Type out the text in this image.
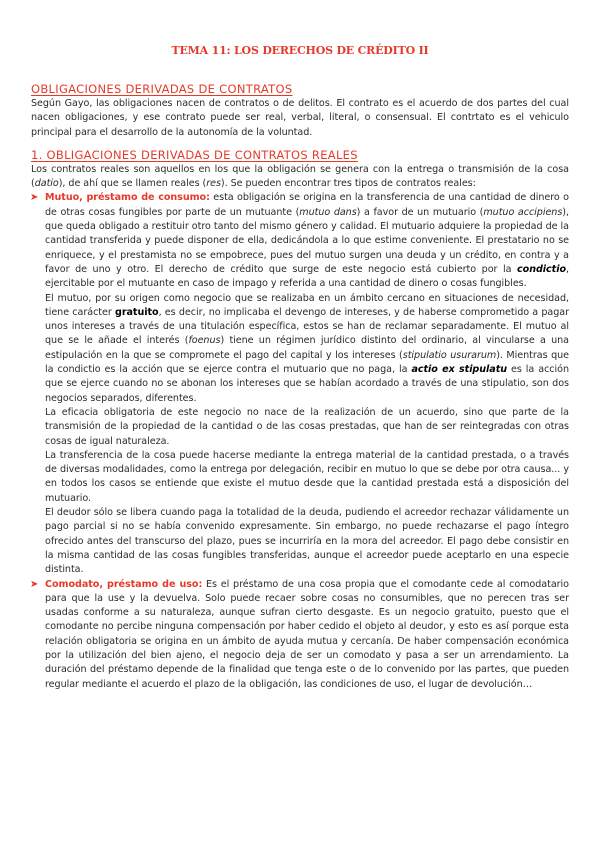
TEMA 11: LOS DERECHOS DE CRÉDITO II
OBLIGACIONES DERIVADAS DE CONTRATOS

Según Gayo, las obligaciones nacen de contratos o de delitos. El contrato es el acuerdo de dos partes del cual nacen obligaciones, y ese contrato puede ser real, verbal, literal, o consensual. El contrtato es el vehiculo principal para el desarrollo de la autonomía de la voluntad.

1. OBLIGACIONES DERIVADAS DE CONTRATOS REALES

Los contratos reales son aquellos en los que la obligación se genera con la entrega o transmisión de la cosa (datio), de ahí que se llamen reales (res). Se pueden encontrar tres tipos de contratos reales:

➤ Mutuo, préstamo de consumo: esta obligación se origina en la transferencia de una cantidad de dinero o de otras cosas fungibles por parte de un mutuante (mutuo dans) a favor de un mutuario (mutuo accipiens), que queda obligado a restituir otro tanto del mismo género y calidad. El mutuario adquiere la propiedad de la cantidad transferida y puede disponer de ella, dedicándola a lo que estime conveniente. El prestatario no se enriquece, y el prestamista no se empobrece, pues del mutuo surgen una deuda y un crédito, en contra y a favor de uno y otro. El derecho de crédito que surge de este negocio está cubierto por la condictio, ejercitable por el mutuante en caso de impago y referida a una cantidad de dinero o cosas fungibles.

El mutuo, por su origen como negocio que se realizaba en un ámbito cercano en situaciones de necesidad, tiene carácter gratuito, es decir, no implicaba el devengo de intereses, y de haberse comprometido a pagar unos intereses a través de una titulación específica, estos se han de reclamar separadamente. El mutuo al que se le añade el interés (foenus) tiene un régimen jurídico distinto del ordinario, al vincularse a una estipulación en la que se compromete el pago del capital y los intereses (stipulatio usurarum). Mientras que la condictio es la acción que se ejerce contra el mutuario que no paga, la actio ex stipulatu es la acción que se ejerce cuando no se abonan los intereses que se habían acordado a través de una stipulatio, son dos negocios separados, diferentes.

La eficacia obligatoria de este negocio no nace de la realización de un acuerdo, sino que parte de la transmisión de la propiedad de la cantidad o de las cosas prestadas, que han de ser reintegradas con otras cosas de igual naturaleza.

La transferencia de la cosa puede hacerse mediante la entrega material de la cantidad prestada, o a través de diversas modalidades, como la entrega por delegación, recibir en mutuo lo que se debe por otra causa... y en todos los casos se entiende que existe el mutuo desde que la cantidad prestada está a disposición del mutuario.

El deudor sólo se libera cuando paga la totalidad de la deuda, pudiendo el acreedor rechazar válidamente un pago parcial si no se había convenido expresamente. Sin embargo, no puede rechazarse el pago íntegro ofrecido antes del transcurso del plazo, pues se incurriría en la mora del acreedor. El pago debe consistir en la misma cantidad de las cosas fungibles transferidas, aunque el acreedor puede aceptarlo en una especie distinta.

➤ Comodato, préstamo de uso: Es el préstamo de una cosa propia que el comodante cede al comodatario para que la use y la devuelva. Solo puede recaer sobre cosas no consumibles, que no perecen tras ser usadas conforme a su naturaleza, aunque sufran cierto desgaste. Es un negocio gratuito, puesto que el comodante no percibe ninguna compensación por haber cedido el objeto al deudor, y esto es así porque esta relación obligatoria se origina en un ámbito de ayuda mutua y cercanía. De haber compensación económica por la utilización del bien ajeno, el negocio deja de ser un comodato y pasa a ser un arrendamiento. La duración del préstamo depende de la finalidad que tenga este o de lo convenido por las partes, que pueden regular mediante el acuerdo el plazo de la obligación, las condiciones de uso, el lugar de devolución…
